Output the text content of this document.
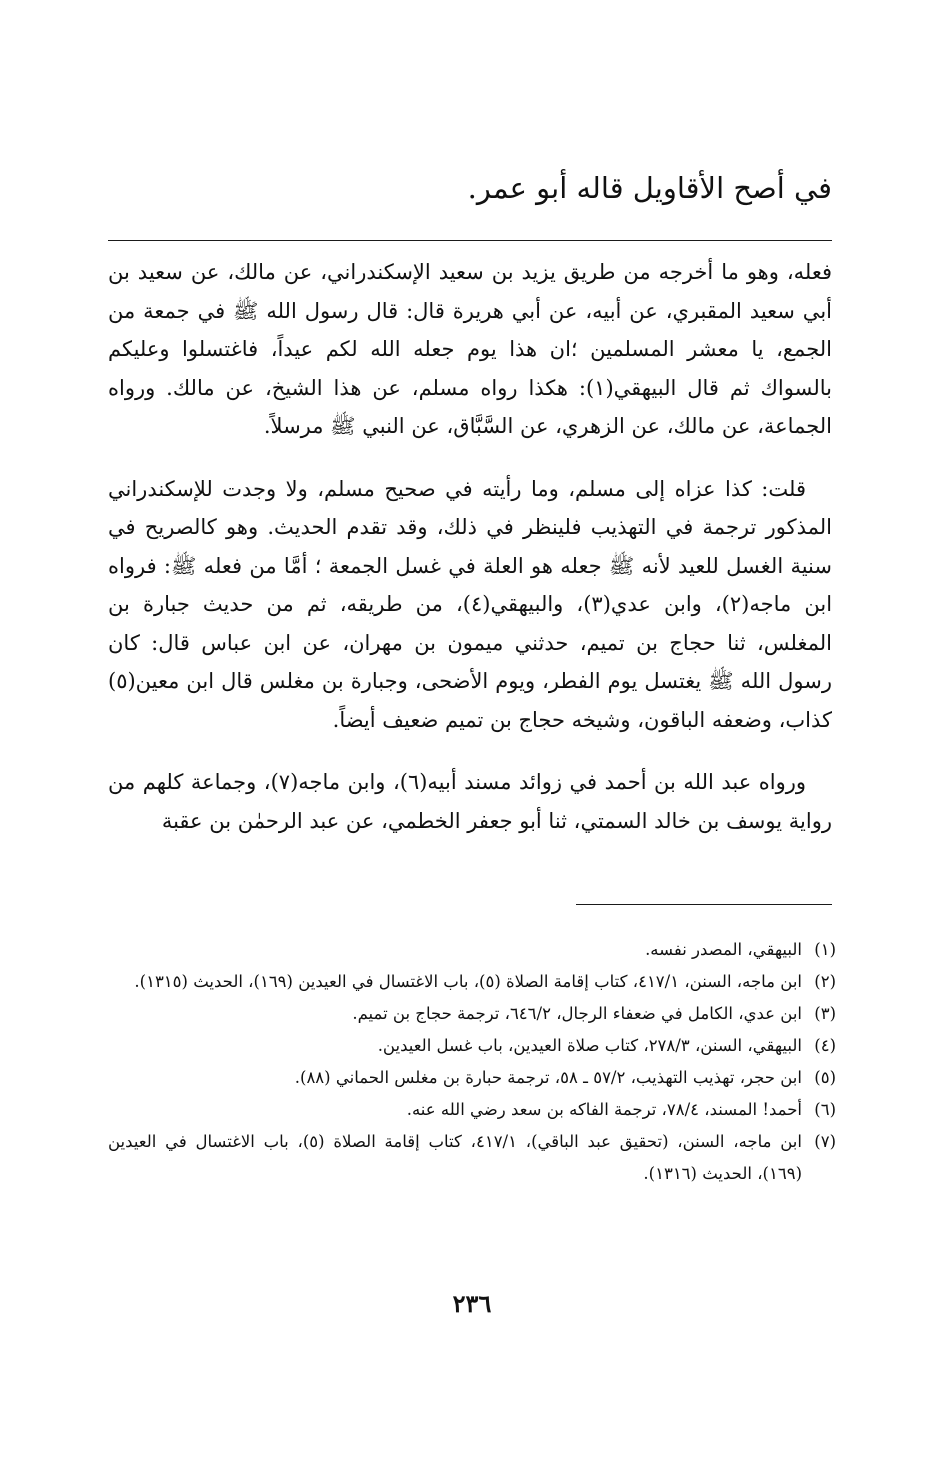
في أصح الأقاويل قاله أبو عمر.

فعله، وهو ما أخرجه من طريق يزيد بن سعيد الإسكندراني، عن مالك، عن سعيد بن أبي سعيد المقبري، عن أبيه، عن أبي هريرة قال: قال رسول الله ﷺ في جمعة من الجمع، يا معشر المسلمين ؛ان هذا يوم جعله الله لكم عيداً، فاغتسلوا وعليكم بالسواك ثم قال البيهقي(١): هكذا رواه مسلم، عن هذا الشيخ، عن مالك. ورواه الجماعة، عن مالك، عن الزهري، عن السَّبَّاق، عن النبي ﷺ مرسلاً.

قلت: كذا عزاه إلى مسلم، وما رأيته في صحيح مسلم، ولا وجدت للإسكندراني المذكور ترجمة في التهذيب فلينظر في ذلك، وقد تقدم الحديث. وهو كالصريح في سنية الغسل للعيد لأنه ﷺ جعله هو العلة في غسل الجمعة ؛ أمَّا من فعله ﷺ: فرواه ابن ماجه(٢)، وابن عدي(٣)، والبيهقي(٤)، من طريقه، ثم من حديث جبارة بن المغلس، ثنا حجاج بن تميم، حدثني ميمون بن مهران، عن ابن عباس قال: كان رسول الله ﷺ يغتسل يوم الفطر، ويوم الأضحى، وجبارة بن مغلس قال ابن معين(٥) كذاب، وضعفه الباقون، وشيخه حجاج بن تميم ضعيف أيضاً.

ورواه عبد الله بن أحمد في زوائد مسند أبيه(٦)، وابن ماجه(٧)، وجماعة كلهم من رواية يوسف بن خالد السمتي، ثنا أبو جعفر الخطمي، عن عبد الرحمٰن بن عقبة

(١)
البيهقي، المصدر نفسه.
(٢)
ابن ماجه، السنن، ٤١٧/١، كتاب إقامة الصلاة (٥)، باب الاغتسال في العيدين (١٦٩)، الحديث (١٣١٥).
(٣)
ابن عدي، الكامل في ضعفاء الرجال، ٦٤٦/٢، ترجمة حجاج بن تميم.
(٤)
البيهقي، السنن، ٢٧٨/٣، كتاب صلاة العيدين، باب غسل العيدين.
(٥)
ابن حجر، تهذيب التهذيب، ٥٧/٢ ـ ٥٨، ترجمة حبارة بن مغلس الحماني (٨٨).
(٦)
أحمد! المسند، ٧٨/٤، ترجمة الفاكه بن سعد رضي الله عنه.
(٧)
ابن ماجه، السنن، (تحقيق عبد الباقي)، ٤١٧/١، كتاب إقامة الصلاة (٥)، باب الاغتسال في العيدين (١٦٩)، الحديث (١٣١٦).
٢٣٦
